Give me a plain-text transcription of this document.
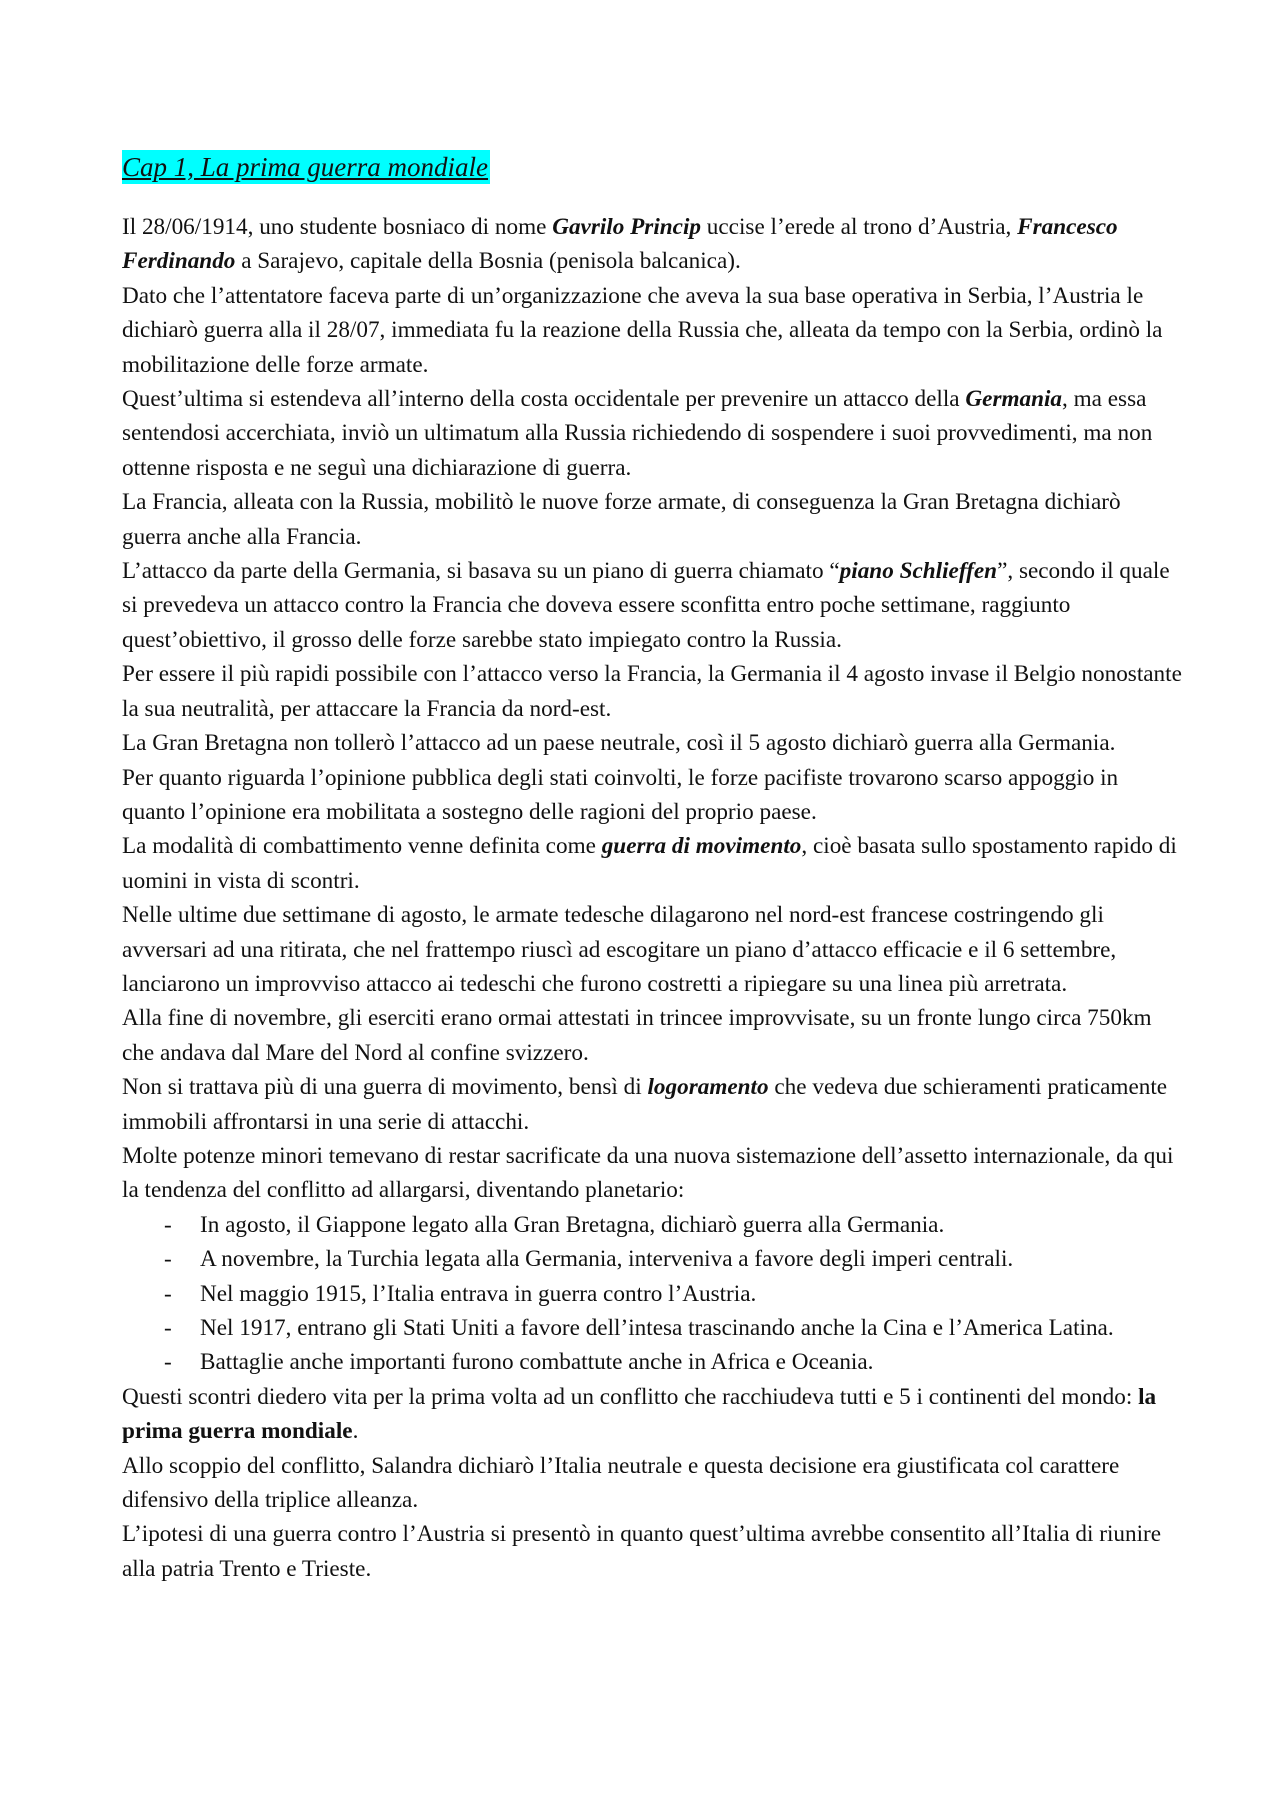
Cap 1, La prima guerra mondiale

Il 28/06/1914, uno studente bosniaco di nome Gavrilo Princip uccise l’erede al trono d’Austria, Francesco Ferdinando a Sarajevo, capitale della Bosnia (penisola balcanica).

Dato che l’attentatore faceva parte di un’organizzazione che aveva la sua base operativa in Serbia, l’Austria le dichiarò guerra alla il 28/07, immediata fu la reazione della Russia che, alleata da tempo con la Serbia, ordinò la mobilitazione delle forze armate.

Quest’ultima si estendeva all’interno della costa occidentale per prevenire un attacco della Germania, ma essa sentendosi accerchiata, inviò un ultimatum alla Russia richiedendo di sospendere i suoi provvedimenti, ma non ottenne risposta e ne seguì una dichiarazione di guerra.

La Francia, alleata con la Russia, mobilitò le nuove forze armate, di conseguenza la Gran Bretagna dichiarò guerra anche alla Francia.

L’attacco da parte della Germania, si basava su un piano di guerra chiamato “piano Schlieffen”, secondo il quale si prevedeva un attacco contro la Francia che doveva essere sconfitta entro poche settimane, raggiunto quest’obiettivo, il grosso delle forze sarebbe stato impiegato contro la Russia.

Per essere il più rapidi possibile con l’attacco verso la Francia, la Germania il 4 agosto invase il Belgio nonostante la sua neutralità, per attaccare la Francia da nord-est.

La Gran Bretagna non tollerò l’attacco ad un paese neutrale, così il 5 agosto dichiarò guerra alla Germania.

Per quanto riguarda l’opinione pubblica degli stati coinvolti, le forze pacifiste trovarono scarso appoggio in quanto l’opinione era mobilitata a sostegno delle ragioni del proprio paese.

La modalità di combattimento venne definita come guerra di movimento, cioè basata sullo spostamento rapido di uomini in vista di scontri.

Nelle ultime due settimane di agosto, le armate tedesche dilagarono nel nord-est francese costringendo gli avversari ad una ritirata, che nel frattempo riuscì ad escogitare un piano d’attacco efficacie e il 6 settembre, lanciarono un improvviso attacco ai tedeschi che furono costretti a ripiegare su una linea più arretrata.

Alla fine di novembre, gli eserciti erano ormai attestati in trincee improvvisate, su un fronte lungo circa 750km che andava dal Mare del Nord al confine svizzero.

Non si trattava più di una guerra di movimento, bensì di logoramento che vedeva due schieramenti praticamente immobili affrontarsi in una serie di attacchi.

Molte potenze minori temevano di restar sacrificate da una nuova sistemazione dell’assetto internazionale, da qui la tendenza del conflitto ad allargarsi, diventando planetario:

- In agosto, il Giappone legato alla Gran Bretagna, dichiarò guerra alla Germania.
- A novembre, la Turchia legata alla Germania, interveniva a favore degli imperi centrali.
- Nel maggio 1915, l’Italia entrava in guerra contro l’Austria.
- Nel 1917, entrano gli Stati Uniti a favore dell’intesa trascinando anche la Cina e l’America Latina.
- Battaglie anche importanti furono combattute anche in Africa e Oceania.

Questi scontri diedero vita per la prima volta ad un conflitto che racchiudeva tutti e 5 i continenti del mondo: la prima guerra mondiale.

Allo scoppio del conflitto, Salandra dichiarò l’Italia neutrale e questa decisione era giustificata col carattere difensivo della triplice alleanza.

L’ipotesi di una guerra contro l’Austria si presentò in quanto quest’ultima avrebbe consentito all’Italia di riunire alla patria Trento e Trieste.
